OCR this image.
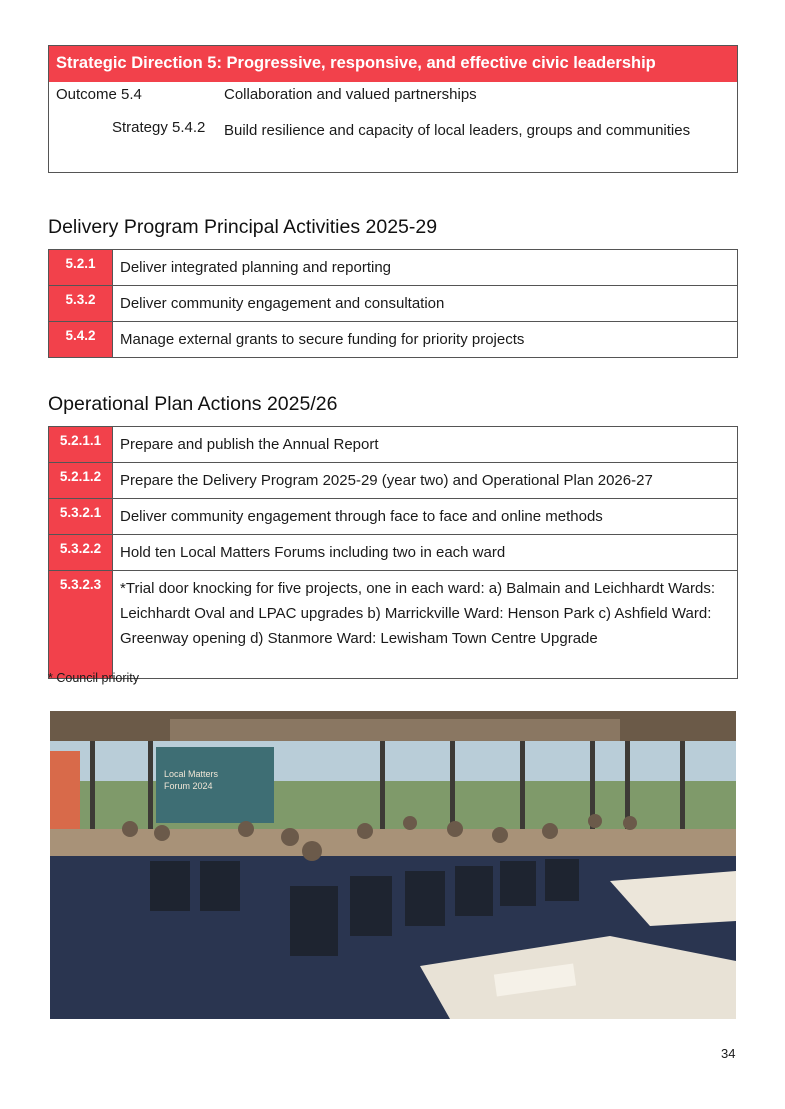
Strategic Direction 5: Progressive, responsive, and effective civic leadership
Outcome 5.4	Collaboration and valued partnerships
Strategy 5.4.2 Build resilience and capacity of local leaders, groups and communities
Delivery Program Principal Activities 2025-29
5.2.1	Deliver integrated planning and reporting
5.3.2	Deliver community engagement and consultation
5.4.2	Manage external grants to secure funding for priority projects
Operational Plan Actions 2025/26
5.2.1.1	Prepare and publish the Annual Report
5.2.1.2	Prepare the Delivery Program 2025-29 (year two) and Operational Plan 2026-27
5.3.2.1	Deliver community engagement through face to face and online methods
5.3.2.2	Hold ten Local Matters Forums including two in each ward
5.3.2.3	*Trial door knocking for five projects, one in each ward: a) Balmain and Leichhardt Wards: Leichhardt Oval and LPAC upgrades b) Marrickville Ward: Henson Park c) Ashfield Ward: Greenway opening d) Stanmore Ward: Lewisham Town Centre Upgrade
* Council priority
Local Matters
Forum 2024
34
